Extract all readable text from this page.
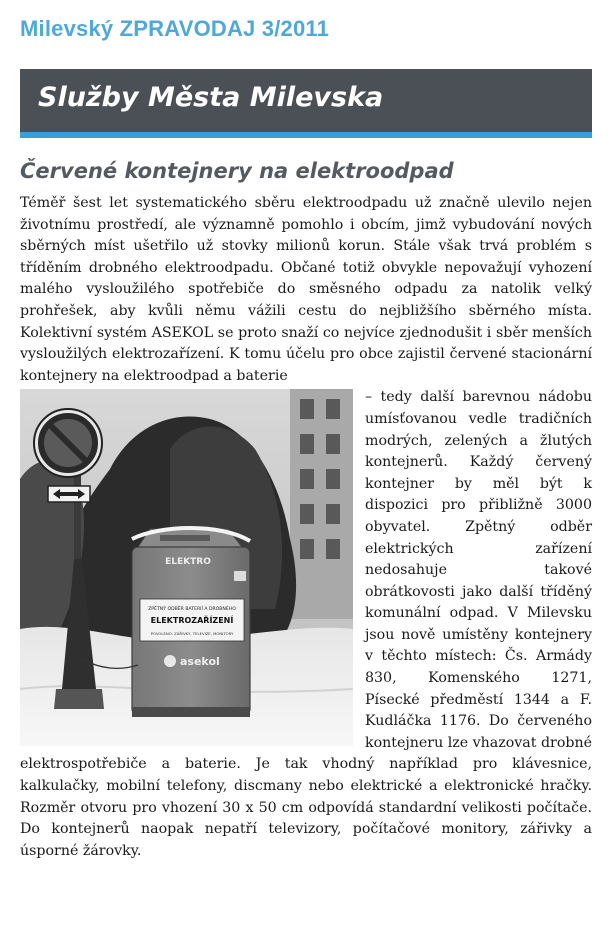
Milevský ZPRAVODAJ 3/2011
Služby Města Milevska
Červené kontejnery na elektroodpad

Téměř šest let systematického sběru elektroodpadu už značně ulevilo nejen životnímu prostředí, ale významně pomohlo i obcím, jimž vybudování nových sběrných míst ušetřilo už stovky milionů korun. Stále však trvá problém s tříděním drobného elektroodpadu. Občané totiž obvykle nepovažují vyhození malého vysloužilého spotřebiče do směsného odpadu za natolik velký prohřešek, aby kvůli němu vážili cestu do nejbližšího sběrného místa. Kolektivní systém ASEKOL se proto snaží co nejvíce zjednodušit i sběr menších vysloužilých elektrozařízení. K tomu účelu pro obce zajistil červené stacionární kontejnery na elektroodpad a baterie

ELEKTRO
ZPĚTNÝ ODBĚR BATERIÍ A DROBNÉHO
ELEKTROZAŘÍZENÍ
POVOLENO: ZÁŘIVKY, TELEVIZE, MONITORY
asekol

– tedy další barevnou nádobu umísťovanou vedle tradičních modrých, zelených a žlutých kontejnerů. Každý červený kontejner by měl být k dispozici pro přibližně 3000 obyvatel. Zpětný odběr elektrických zařízení nedosahuje takové obrátkovosti jako další tříděný komunální odpad. V Milevsku jsou nově umístěny kontejnery v těchto místech: Čs. Armády 830, Komenského 1271, Písecké předměstí 1344 a F. Kudláčka 1176. Do červeného kontejneru lze vhazovat drobné elektrospotřebiče a baterie. Je tak vhodný například pro klávesnice, kalkulačky, mobilní telefony, discmany nebo elektrické a elektronické hračky. Rozměr otvoru pro vhození 30 x 50 cm odpovídá standardní velikosti počítače. Do kontejnerů naopak nepatří televizory, počítačové monitory, zářivky a úsporné žárovky.
